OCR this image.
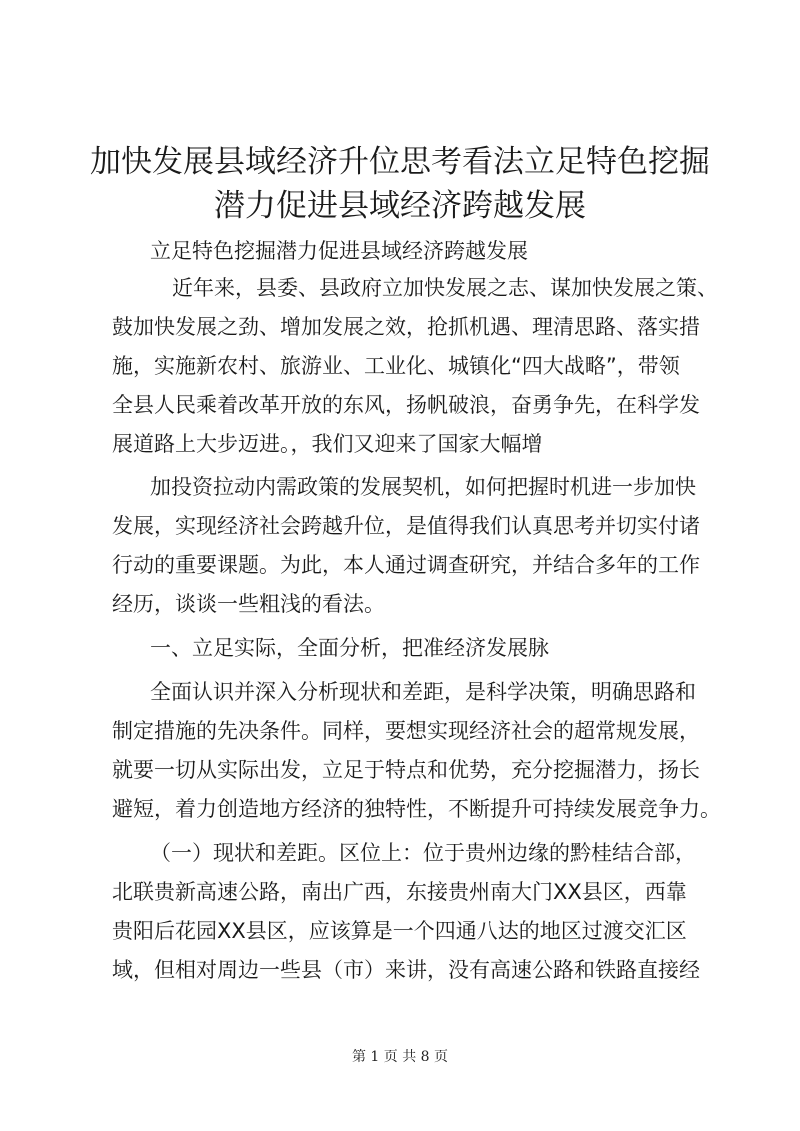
加快发展县域经济升位思考看法立足特色挖掘
潜力促进县域经济跨越发展
立足特色挖掘潜力促进县域经济跨越发展
近年来，县委、县政府立加快发展之志、谋加快发展之策、
鼓加快发展之劲、增加发展之效，抢抓机遇、理清思路、落实措
施，实施新农村、旅游业、工业化、城镇化“四大战略”，带领
全县人民乘着改革开放的东风，扬帆破浪，奋勇争先，在科学发
展道路上大步迈进。，我们又迎来了国家大幅增
加投资拉动内需政策的发展契机，如何把握时机进一步加快
发展，实现经济社会跨越升位，是值得我们认真思考并切实付诸
行动的重要课题。为此，本人通过调查研究，并结合多年的工作
经历，谈谈一些粗浅的看法。
一、立足实际，全面分析，把准经济发展脉
全面认识并深入分析现状和差距，是科学决策，明确思路和
制定措施的先决条件。同样，要想实现经济社会的超常规发展，
就要一切从实际出发，立足于特点和优势，充分挖掘潜力，扬长
避短，着力创造地方经济的独特性，不断提升可持续发展竞争力。
（一）现状和差距。区位上：位于贵州边缘的黔桂结合部，
北联贵新高速公路，南出广西，东接贵州南大门XX县区，西靠
贵阳后花园XX县区，应该算是一个四通八达的地区过渡交汇区
域，但相对周边一些县（市）来讲，没有高速公路和铁路直接经
第 1 页 共 8 页
